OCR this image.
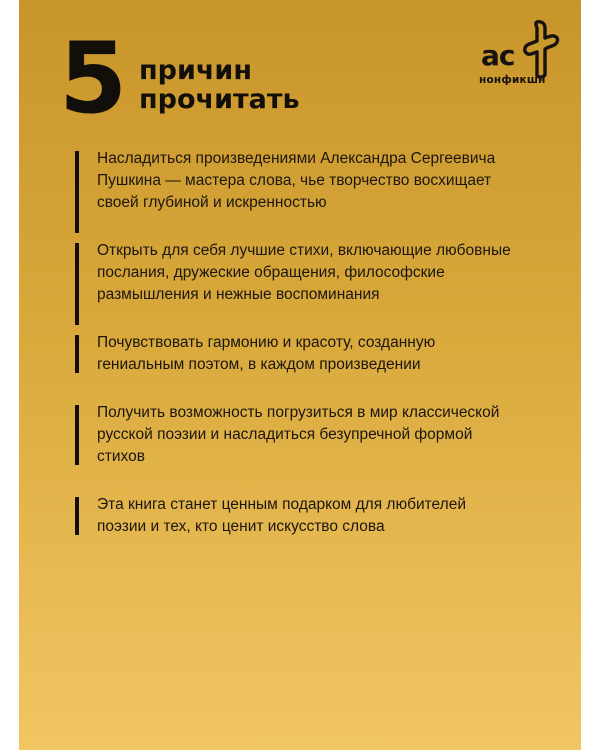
5 причин
прочитать
ас
нонфикшн
Насладиться произведениями Александра Сергеевича Пушкина — мастера слова, чье творчество восхищает своей глубиной и искренностью
Открыть для себя лучшие стихи, включающие любовные послания, дружеские обращения, философские размышления и нежные воспоминания
Почувствовать гармонию и красоту, созданную гениальным поэтом, в каждом произведении
Получить возможность погрузиться в мир классической русской поэзии и насладиться безупречной формой стихов
Эта книга станет ценным подарком для любителей поэзии и тех, кто ценит искусство слова
